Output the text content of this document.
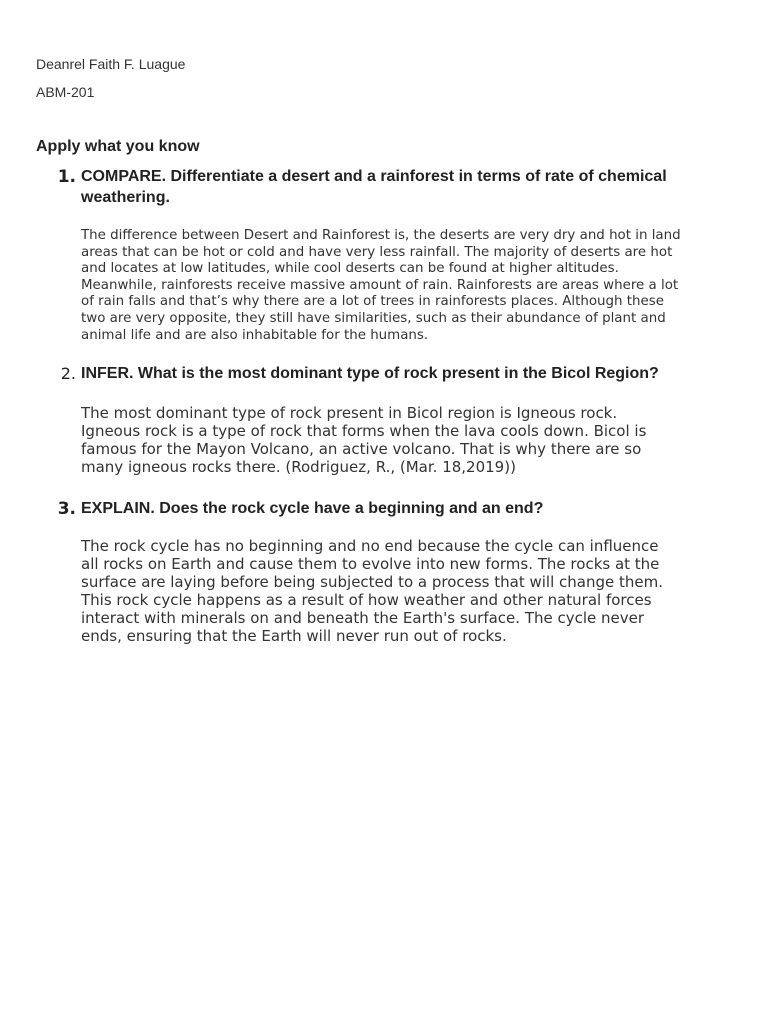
Deanrel Faith F. Luague
ABM-201
Apply what you know
1. COMPARE. Differentiate a desert and a rainforest in terms of rate of chemical weathering.
The difference between Desert and Rainforest is, the deserts are very dry and hot in land areas that can be hot or cold and have very less rainfall. The majority of deserts are hot and locates at low latitudes, while cool deserts can be found at higher altitudes. Meanwhile, rainforests receive massive amount of rain. Rainforests are areas where a lot of rain falls and that’s why there are a lot of trees in rainforests places. Although these two are very opposite, they still have similarities, such as their abundance of plant and animal life and are also inhabitable for the humans.
2. INFER. What is the most dominant type of rock present in the Bicol Region?
The most dominant type of rock present in Bicol region is Igneous rock. Igneous rock is a type of rock that forms when the lava cools down. Bicol is famous for the Mayon Volcano, an active volcano. That is why there are so many igneous rocks there. (Rodriguez, R., (Mar. 18,2019))
3. EXPLAIN. Does the rock cycle have a beginning and an end?
The rock cycle has no beginning and no end because the cycle can influence all rocks on Earth and cause them to evolve into new forms. The rocks at the surface are laying before being subjected to a process that will change them. This rock cycle happens as a result of how weather and other natural forces interact with minerals on and beneath the Earth's surface. The cycle never ends, ensuring that the Earth will never run out of rocks.
